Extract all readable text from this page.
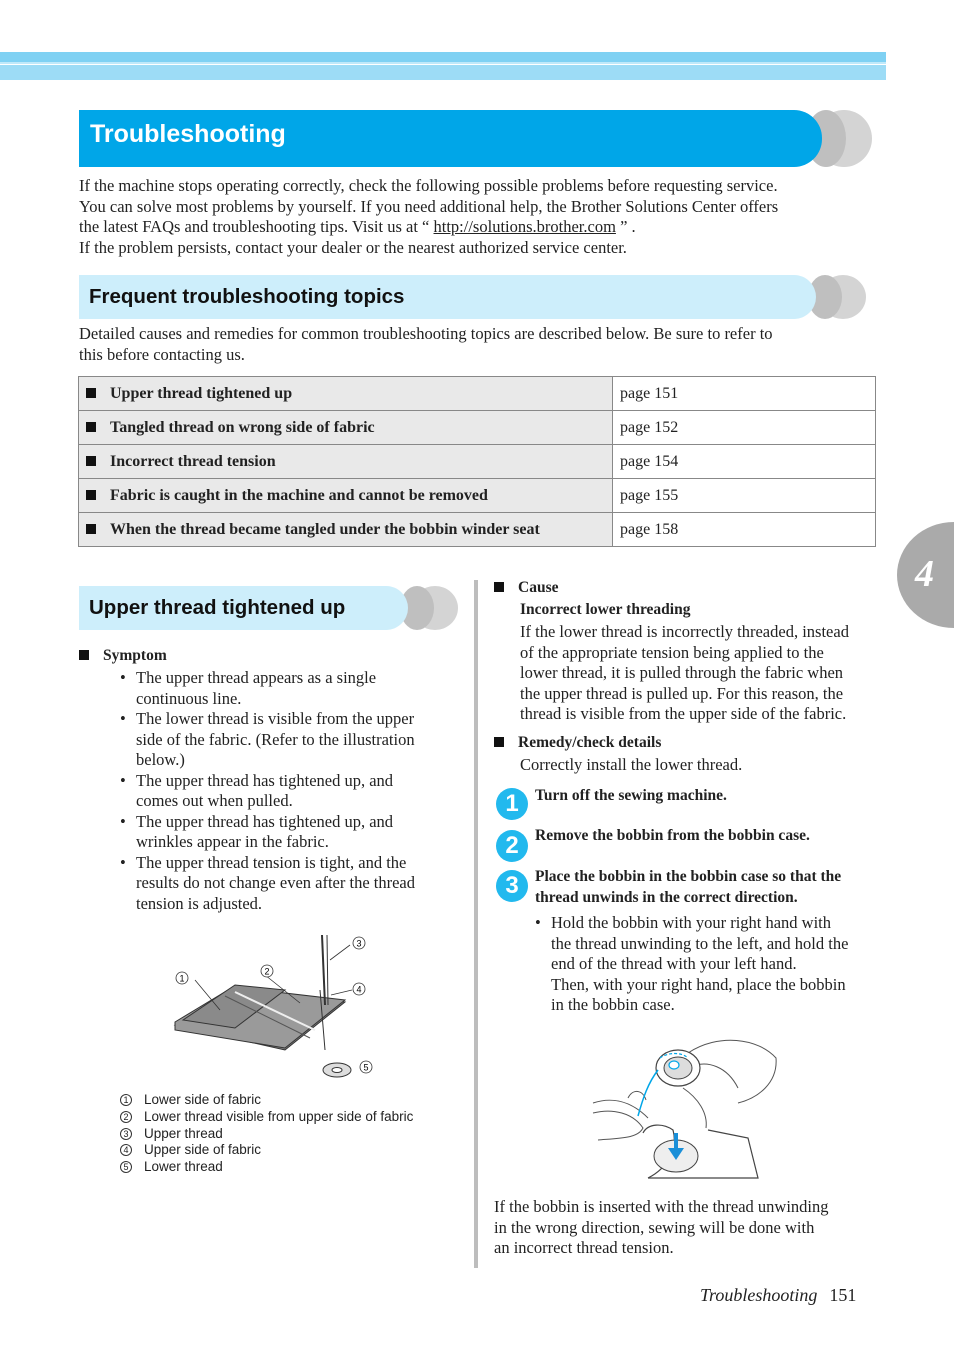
Troubleshooting
If the machine stops operating correctly, check the following possible problems before requesting service.
You can solve most problems by yourself. If you need additional help, the Brother Solutions Center offers
the latest FAQs and troubleshooting tips. Visit us at “ http://solutions.brother.com ” .
If the problem persists, contact your dealer or the nearest authorized service center.
Frequent troubleshooting topics
Detailed causes and remedies for common troubleshooting topics are described below. Be sure to refer to
this before contacting us.
Upper thread tightened up	page 151
Tangled thread on wrong side of fabric	page 152
Incorrect thread tension	page 154
Fabric is caught in the machine and cannot be removed	page 155
When the thread became tangled under the bobbin winder seat	page 158
Upper thread tightened up
Symptom
• The upper thread appears as a single
continuous line.
• The lower thread is visible from the upper
side of the fabric. (Refer to the illustration
below.)
• The upper thread has tightened up, and
comes out when pulled.
• The upper thread has tightened up, and
wrinkles appear in the fabric.
• The upper thread tension is tight, and the
results do not change even after the thread
tension is adjusted.
1
2
3
4
5
1 Lower side of fabric
2 Lower thread visible from upper side of fabric
3 Upper thread
4 Upper side of fabric
5 Lower thread
Cause
Incorrect lower threading
If the lower thread is incorrectly threaded, instead
of the appropriate tension being applied to the
lower thread, it is pulled through the fabric when
the upper thread is pulled up. For this reason, the
thread is visible from the upper side of the fabric.
Remedy/check details
Correctly install the lower thread.
1	Turn off the sewing machine.
2	Remove the bobbin from the bobbin case.
3	Place the bobbin in the bobbin case so that the
thread unwinds in the correct direction.
• Hold the bobbin with your right hand with
the thread unwinding to the left, and hold the
end of the thread with your left hand.
Then, with your right hand, place the bobbin
in the bobbin case.
If the bobbin is inserted with the thread unwinding
in the wrong direction, sewing will be done with
an incorrect thread tension.
4
Troubleshooting 151
